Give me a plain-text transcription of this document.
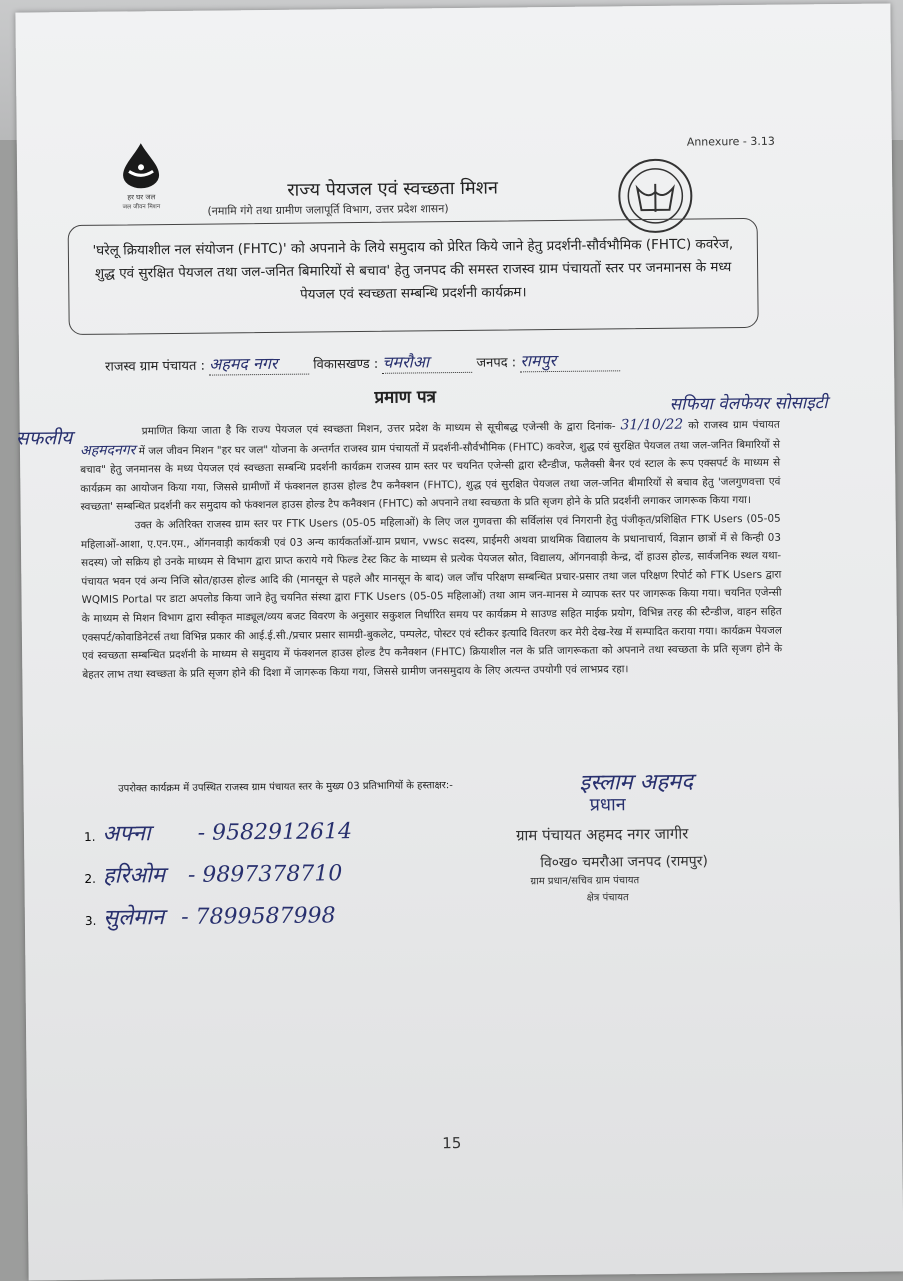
Annexure - 3.13
हर घर जल
जल जीवन मिशन
राज्य पेयजल एवं स्वच्छता मिशन
(नमामि गंगे तथा ग्रामीण जलापूर्ति विभाग, उत्तर प्रदेश शासन)
'घरेलू क्रियाशील नल संयोजन (FHTC)' को अपनाने के लिये समुदाय को प्रेरित किये जाने हेतु प्रदर्शनी-सौर्वभौमिक (FHTC) कवरेज, शुद्ध एवं सुरक्षित पेयजल तथा जल-जनित बिमारियों से बचाव' हेतु जनपद की समस्त राजस्व ग्राम पंचायतों स्तर पर जनमानस के मध्य पेयजल एवं स्वच्छता सम्बन्धि प्रदर्शनी कार्यक्रम।
राजस्व ग्राम पंचायत : अहमद नगर	विकासखण्ड : चमरौआ	जनपद : रामपुर
प्रमाण पत्र
सफलीय
सफिया वेलफेयर सोसाइटी
प्रमाणित किया जाता है कि राज्य पेयजल एवं स्वच्छता मिशन, उत्तर प्रदेश के माध्यम से सूचीबद्ध एजेन्सी के द्वारा दिनांक- 31/10/22 को राजस्व ग्राम पंचायत अहमदनगर में जल जीवन मिशन "हर घर जल" योजना के अन्तर्गत राजस्व ग्राम पंचायतों में प्रदर्शनी-सौर्वभौमिक (FHTC) कवरेज, शुद्ध एवं सुरक्षित पेयजल तथा जल-जनित बिमारियों से बचाव" हेतु जनमानस के मध्य पेयजल एवं स्वच्छता सम्बन्धि प्रदर्शनी कार्यक्रम राजस्व ग्राम स्तर पर चयनित एजेन्सी द्वारा स्टैन्डीज, फलैक्सी बैनर एवं स्टाल के रूप एक्सपर्ट के माध्यम से कार्यक्रम का आयोजन किया गया, जिससे ग्रामीणों में फंक्शनल हाउस होल्ड टैप कनैक्शन (FHTC), शुद्ध एवं सुरक्षित पेयजल तथा जल-जनित बीमारियों से बचाव हेतु 'जलगुणवत्ता एवं स्वच्छता' सम्बन्धित प्रदर्शनी कर समुदाय को फंक्शनल हाउस होल्ड टैप कनैक्शन (FHTC) को अपनाने तथा स्वच्छता के प्रति सृजग होने के प्रति प्रदर्शनी लगाकर जागरूक किया गया।
उक्त के अतिरिक्त राजस्व ग्राम स्तर पर FTK Users (05-05 महिलाओं) के लिए जल गुणवत्ता की सर्विलांस एवं निगरानी हेतु पंजीकृत/प्रशिक्षित FTK Users (05-05 महिलाओं-आशा, ए.एन.एम., ऑगनवाड़ी कार्यकत्री एवं 03 अन्य कार्यकर्ताओं-ग्राम प्रधान, vwsc सदस्य, प्राईमरी अथवा प्राथमिक विद्यालय के प्रधानाचार्य, विज्ञान छात्रों में से किन्ही 03 सदस्य) जो सक्रिय हो उनके माध्यम से विभाग द्वारा प्राप्त कराये गये फिल्ड टेस्ट किट के माध्यम से प्रत्येक पेयजल स्रोत, विद्यालय, ऑगनवाड़ी केन्द्र, दों हाउस होल्ड, सार्वजनिक स्थल यथा-पंचायत भवन एवं अन्य निजि स्रोत/हाउस होल्ड आदि की (मानसून से पहले और मानसून के बाद) जल जाँच परिक्षण सम्बन्धित प्रचार-प्रसार तथा जल परिक्षण रिपोर्ट को FTK Users द्वारा WQMIS Portal पर डाटा अपलोड किया जाने हेतु चयनित संस्था द्वारा FTK Users (05-05 महिलाओं) तथा आम जन-मानस मे व्यापक स्तर पर जागरूक किया गया। चयनित एजेन्सी के माध्यम से मिशन विभाग द्वारा स्वीकृत माड्यूल/व्यय बजट विवरण के अनुसार सकुशल निर्धारित समय पर कार्यक्रम मे साउण्ड सहित माईक प्रयोग, विभिन्न तरह की स्टैन्डीज, वाहन सहित एक्सपर्ट/कोवाडिनेटर्स तथा विभिन्न प्रकार की आई.ई.सी./प्रचार प्रसार सामग्री-बुकलेट, पम्पलेट, पोस्टर एवं स्टीकर इत्यादि वितरण कर मेरी देख-रेख में सम्पादित कराया गया। कार्यक्रम पेयजल एवं स्वच्छता सम्बन्धित प्रदर्शनी के माध्यम से समुदाय में फंक्शनल हाउस होल्ड टैप कनैक्शन (FHTC) क्रियाशील नल के प्रति जागरूकता को अपनाने तथा स्वच्छता के प्रति सृजग होने के बेहतर लाभ तथा स्वच्छता के प्रति सृजग होने की दिशा में जागरूक किया गया, जिससे ग्रामीण जनसमुदाय के लिए अत्यन्त उपयोगी एवं लाभप्रद रहा।
उपरोक्त कार्यक्रम में उपस्थित राजस्व ग्राम पंचायत स्तर के मुख्य 03 प्रतिभागियों के हस्ताक्षर:-
1. अफ्ना - 9582912614
2. हरिओम - 9897378710
3. सुलेमान - 7899587998
इस्लाम अहमद
प्रधान
ग्राम पंचायत अहमद नगर जागीर
वि०ख० चमरौआ जनपद (रामपुर)
ग्राम प्रधान/सचिव ग्राम पंचायत
क्षेत्र पंचायत
15
